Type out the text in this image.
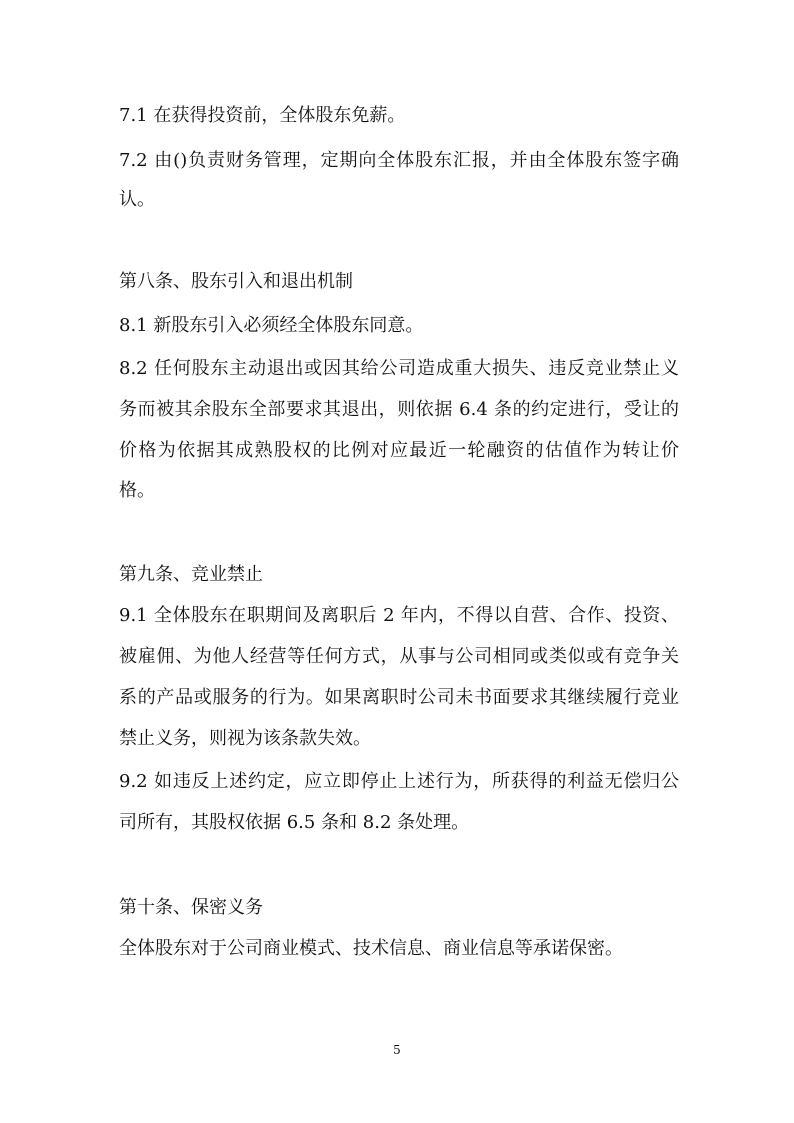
7.1 在获得投资前，全体股东免薪。
7.2 由()负责财务管理，定期向全体股东汇报，并由全体股东签字确
认。
第八条、股东引入和退出机制
8.1 新股东引入必须经全体股东同意。
8.2 任何股东主动退出或因其给公司造成重大损失、违反竞业禁止义
务而被其余股东全部要求其退出，则依据 6.4 条的约定进行，受让的
价格为依据其成熟股权的比例对应最近一轮融资的估值作为转让价
格。
第九条、竞业禁止
9.1 全体股东在职期间及离职后 2 年内，不得以自营、合作、投资、
被雇佣、为他人经营等任何方式，从事与公司相同或类似或有竞争关
系的产品或服务的行为。如果离职时公司未书面要求其继续履行竞业
禁止义务，则视为该条款失效。
9.2 如违反上述约定，应立即停止上述行为，所获得的利益无偿归公
司所有，其股权依据 6.5 条和 8.2 条处理。
第十条、保密义务
全体股东对于公司商业模式、技术信息、商业信息等承诺保密。
5
